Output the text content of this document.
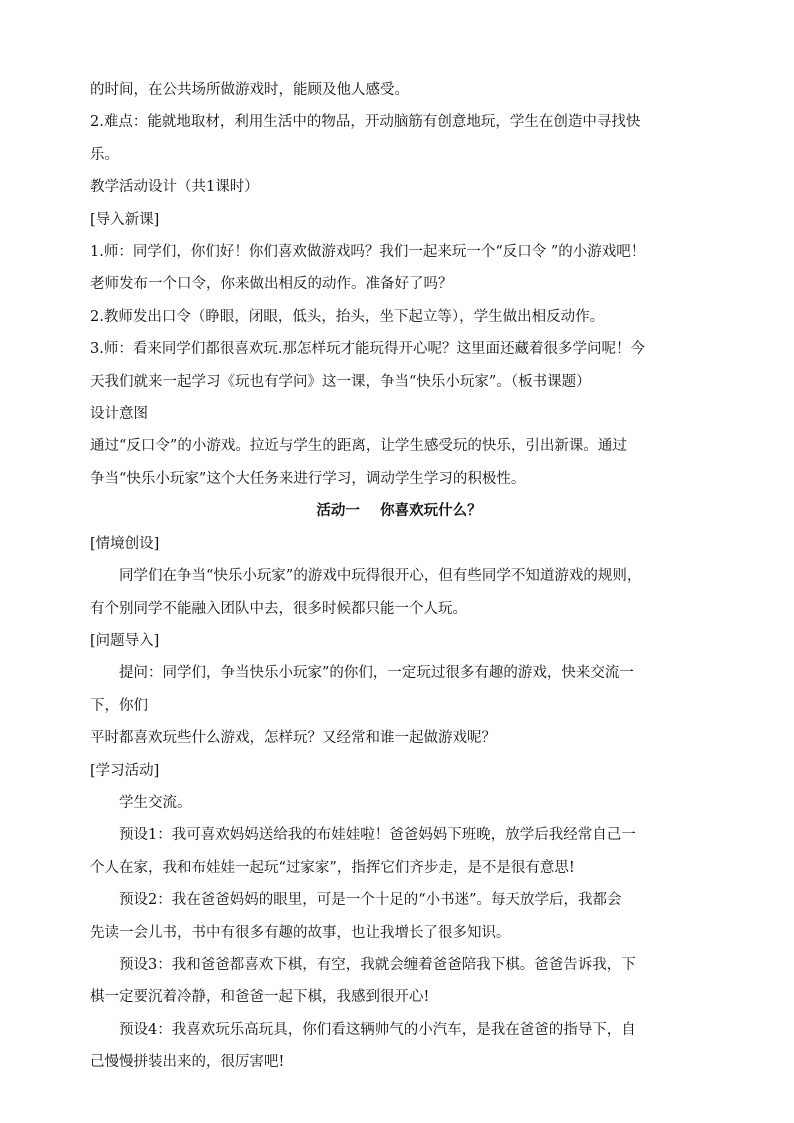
的时间，在公共场所做游戏时，能顾及他人感受。

2.难点：能就地取材，利用生活中的物品，开动脑筋有创意地玩，学生在创造中寻找快

乐。

教学活动设计（共1课时）

[导入新课]

1.师：同学们，你们好！你们喜欢做游戏吗？我们一起来玩一个“反口令 ”的小游戏吧！

老师发布一个口令，你来做出相反的动作。准备好了吗？

2.教师发出口令（睁眼，闭眼，低头，抬头，坐下起立等），学生做出相反动作。

3.师：看来同学们都很喜欢玩.那怎样玩才能玩得开心呢？这里面还藏着很多学问呢！今

天我们就来一起学习《玩也有学问》这一课，争当“快乐小玩家”。（板书课题）

设计意图

通过“反口令”的小游戏。拉近与学生的距离，让学生感受玩的快乐，引出新课。通过

争当“快乐小玩家”这个大任务来进行学习，调动学生学习的积极性。

活动一    你喜欢玩什么？

[情境创设]

同学们在争当“快乐小玩家”的游戏中玩得很开心，但有些同学不知道游戏的规则，

有个别同学不能融入团队中去，很多时候都只能一个人玩。

[问题导入]

提问：同学们，争当快乐小玩家”的你们，一定玩过很多有趣的游戏，快来交流一

下，你们

平时都喜欢玩些什么游戏，怎样玩？又经常和谁一起做游戏呢？

[学习活动]

学生交流。

预设1：我可喜欢妈妈送给我的布娃娃啦！爸爸妈妈下班晚，放学后我经常自己一

个人在家，我和布娃娃一起玩“过家家”，指挥它们齐步走，是不是很有意思!

预设2：我在爸爸妈妈的眼里，可是一个十足的“小书迷”。每天放学后，我都会

先读一会儿书，书中有很多有趣的故事，也让我增长了很多知识。

预设3：我和爸爸都喜欢下棋，有空，我就会缠着爸爸陪我下棋。爸爸告诉我，下

棋一定要沉着冷静，和爸爸一起下棋，我感到很开心!

预设4：我喜欢玩乐高玩具，你们看这辆帅气的小汽车，是我在爸爸的指导下，自

己慢慢拼装出来的，很厉害吧!
